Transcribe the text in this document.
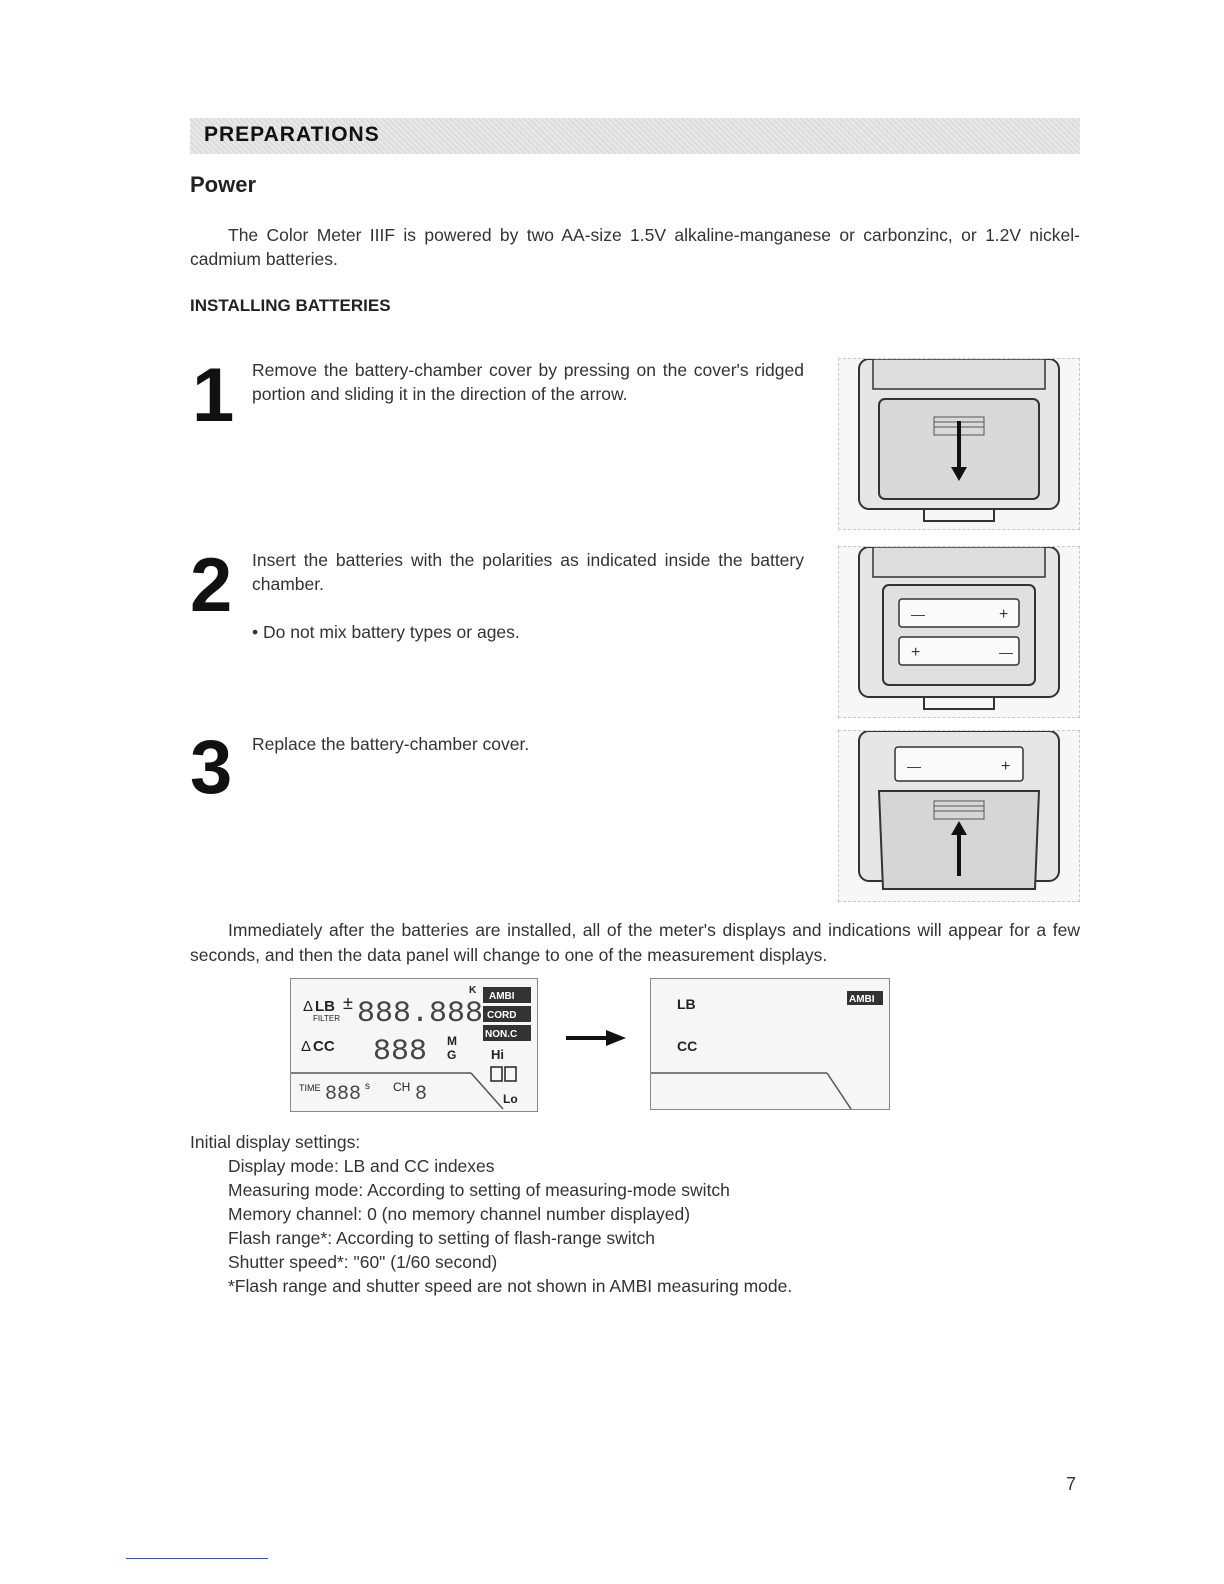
PREPARATIONS
Power
The Color Meter IIIF is powered by two AA-size 1.5V alkaline-manganese or carbonzinc, or 1.2V nickel-cadmium batteries.
INSTALLING BATTERIES
1 Remove the battery-chamber cover by pressing on the cover's ridged portion and sliding it in the direction of the arrow.
2 Insert the batteries with the polarities as indicated inside the battery chamber.
• Do not mix battery types or ages.
—	+
+	—
3 Replace the battery-chamber cover.
—	+
Immediately after the batteries are installed, all of the meter's displays and indications will appear for a few seconds, and then the data panel will change to one of the measurement displays.
Δ LB
FILTER
± 888.888
K
AMBI
CORD
NON.C
Δ CC 888 M
G	Hi
TIME 888 s CH 8	Lo
LB	AMBI
CC
Initial display settings:
Display mode: LB and CC indexes
Measuring mode: According to setting of measuring-mode switch
Memory channel: 0 (no memory channel number displayed)
Flash range*: According to setting of flash-range switch
Shutter speed*: "60" (1/60 second)
*Flash range and shutter speed are not shown in AMBI measuring mode.
7
